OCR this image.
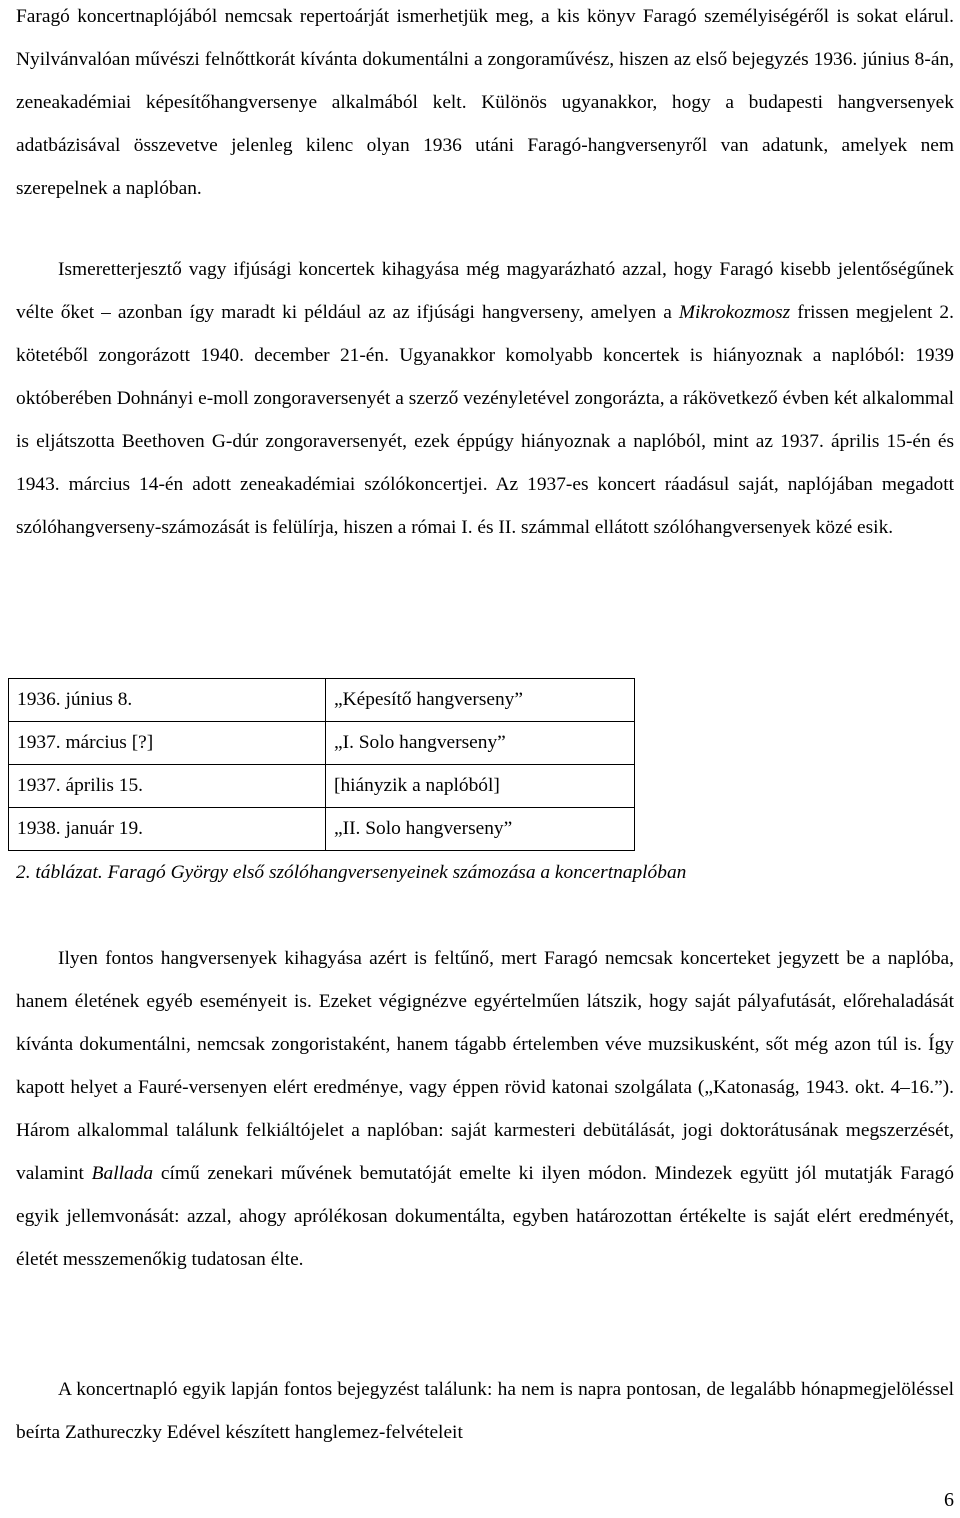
Faragó koncertnaplójából nemcsak repertoárját ismerhetjük meg, a kis könyv Faragó személyiségéről is sokat elárul. Nyilvánvalóan művészi felnőttkorát kívánta dokumentálni a zongoraművész, hiszen az első bejegyzés 1936. június 8-án, zeneakadémiai képesítőhangversenye alkalmából kelt. Különös ugyanakkor, hogy a budapesti hangversenyek adatbázisával összevetve jelenleg kilenc olyan 1936 utáni Faragó-hangversenyről van adatunk, amelyek nem szerepelnek a naplóban.

Ismeretterjesztő vagy ifjúsági koncertek kihagyása még magyarázható azzal, hogy Faragó kisebb jelentőségűnek vélte őket – azonban így maradt ki például az az ifjúsági hangverseny, amelyen a Mikrokozmosz frissen megjelent 2. kötetéből zongorázott 1940. december 21-én. Ugyanakkor komolyabb koncertek is hiányoznak a naplóból: 1939 októberében Dohnányi e-moll zongoraversenyét a szerző vezényletével zongorázta, a rákövetkező évben két alkalommal is eljátszotta Beethoven G-dúr zongoraversenyét, ezek éppúgy hiányoznak a naplóból, mint az 1937. április 15-én és 1943. március 14-én adott zeneakadémiai szólókoncertjei. Az 1937-es koncert ráadásul saját, naplójában megadott szólóhangverseny-számozását is felülírja, hiszen a római I. és II. számmal ellátott szólóhangversenyek közé esik.

1936. június 8.	„Képesítő hangverseny”
1937. március [?]	„I. Solo hangverseny”
1937. április 15.	[hiányzik a naplóból]
1938. január 19.	„II. Solo hangverseny”

2. táblázat. Faragó György első szólóhangversenyeinek számozása a koncertnaplóban

Ilyen fontos hangversenyek kihagyása azért is feltűnő, mert Faragó nemcsak koncerteket jegyzett be a naplóba, hanem életének egyéb eseményeit is. Ezeket végignézve egyértelműen látszik, hogy saját pályafutását, előrehaladását kívánta dokumentálni, nemcsak zongoristaként, hanem tágabb értelemben véve muzsikusként, sőt még azon túl is. Így kapott helyet a Fauré-versenyen elért eredménye, vagy éppen rövid katonai szolgálata („Katonaság, 1943. okt. 4–16.”). Három alkalommal találunk felkiáltójelet a naplóban: saját karmesteri debütálását, jogi doktorátusának megszerzését, valamint Ballada című zenekari művének bemutatóját emelte ki ilyen módon. Mindezek együtt jól mutatják Faragó egyik jellemvonását: azzal, ahogy aprólékosan dokumentálta, egyben határozottan értékelte is saját elért eredményét, életét messzemenőkig tudatosan élte.

A koncertnapló egyik lapján fontos bejegyzést találunk: ha nem is napra pontosan, de legalább hónapmegjelöléssel beírta Zathureczky Edével készített hanglemez-felvételeit

6
